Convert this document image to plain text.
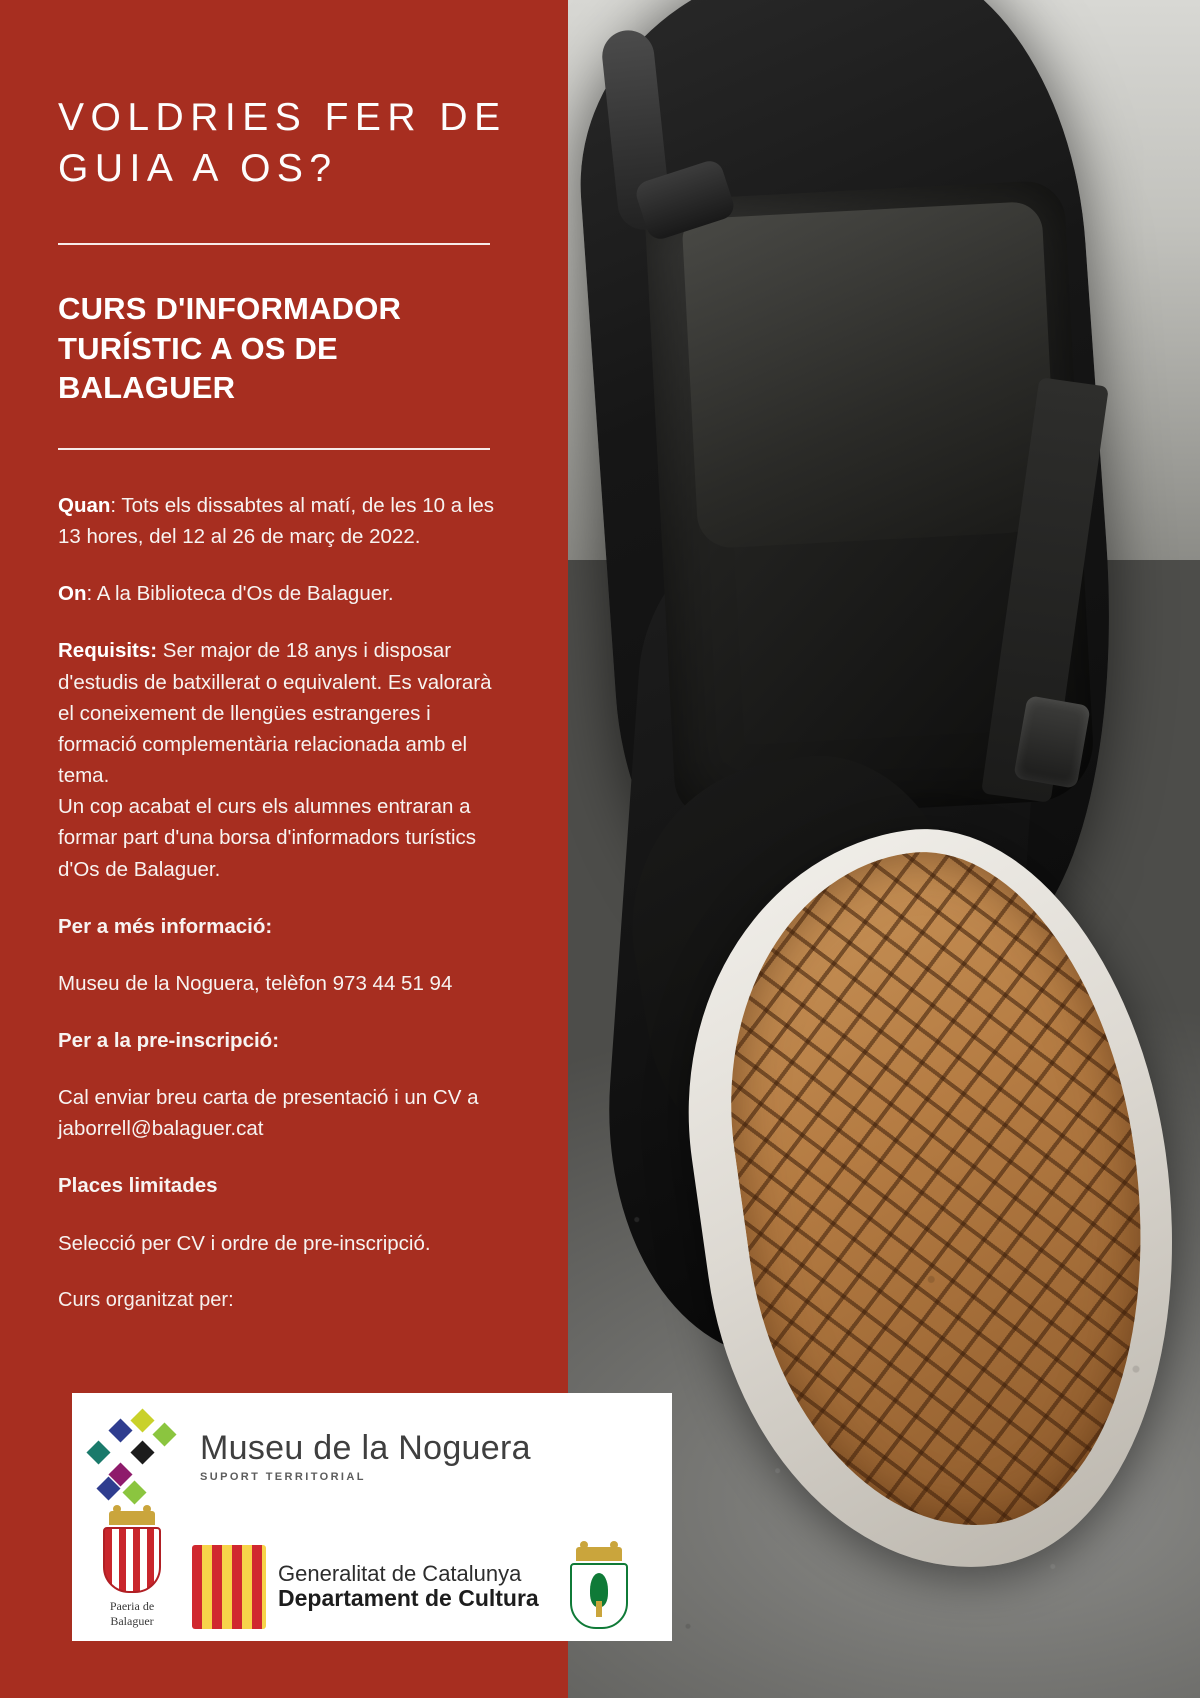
VOLDRIES FER DE GUIA A OS?
CURS D'INFORMADOR TURÍSTIC A OS DE BALAGUER

Quan: Tots els dissabtes al matí, de les 10 a les 13 hores, del 12 al 26 de març de 2022.

On: A la Biblioteca d'Os de Balaguer.

Requisits: Ser major de 18 anys i disposar d'estudis de batxillerat o equivalent. Es valorarà el coneixement de llengües estrangeres i formació complementària relacionada amb el tema.

Un cop acabat el curs els alumnes entraran a formar part d'una borsa d'informadors turístics d'Os de Balaguer.

Per a més informació:

Museu de la Noguera, telèfon 973 44 51 94

Per a la pre-inscripció:

Cal enviar breu carta de presentació i un CV a jaborrell@balaguer.cat

Places limitades

Selecció per CV i ordre de pre-inscripció.

Curs organitzat per:

Museu de la Noguera
SUPORT TERRITORIAL
Paeria de Balaguer
Generalitat de Catalunya
Departament de Cultura
